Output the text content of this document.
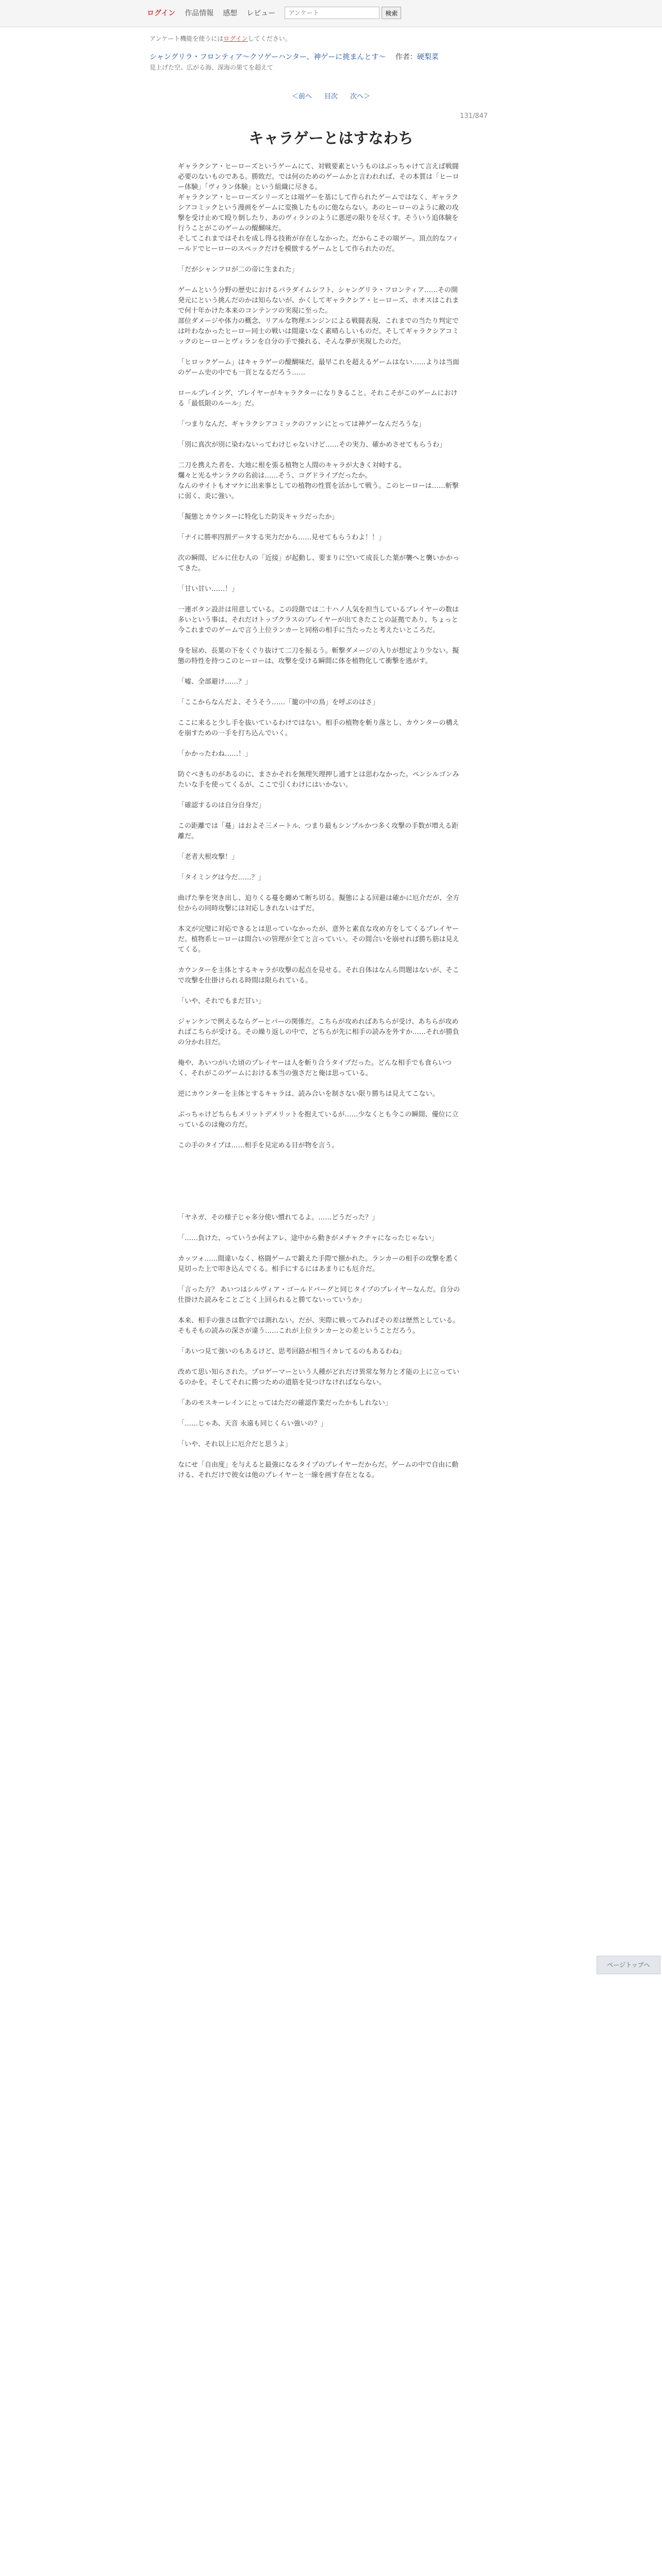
ログイン 作品情報 感想 レビュー
アンケート	検索
アンケート機能を使うにはログインしてください。
シャングリラ・フロンティア〜クソゲーハンター、神ゲーに挑まんとす〜 　 作者：硬梨菜
見上げた空、広がる海、深海の果てを超えて
＜前へ 目次 次へ＞
131/847
キャラゲーとはすなわち

ギャラクシア・ヒーローズというゲームにて、対戦要素というものはぶっちゃけて言えば戦闘必要のないものである。勝敗だ。では何のためのゲームかと言われれば、その本質は「ヒーロー体験」「ヴィラン体験」という組織に尽きる。

ギャラクシア・ヒーローズシリーズとは端ゲーを基にして作られたゲームではなく、ギャラクシアコミックという漫画をゲームに変換したものに他ならない。あのヒーローのように敵の攻撃を受け止めて殴り倒したり、あのヴィランのように悪逆の限りを尽くす。そういう追体験を行うことがこのゲームの醍醐味だ。

そしてこれまではそれを成し得る技術が存在しなかった。だからこその端ゲー。頂点的なフィールドでヒーローのスペックだけを模倣するゲームとして作られたのだ。

「だがシャンフロが二の帝に生まれた」

ゲームという分野の歴史におけるパラダイムシフト、シャングリラ・フロンティア……その開発元にという挑んだのかは知らないが、かくしてギャラクシア・ヒーローズ、ホオスはこれまで何十年かけた本来のコンテンツの実現に至った。

部位ダメージや体力の概念、リアルな物理エンジンによる戦闘表現、これまでの当たり判定では叶わなかったヒーロー同士の戦いは間違いなく素晴らしいものだ。そしてギャラクシアコミックのヒーローとヴィランを自分の手で操れる、そんな夢が実現したのだ。

「ヒロックゲーム」はキャラゲーの醍醐味だ。最早これを超えるゲームはない……よりは当面のゲーム史の中でも一頁となるだろう……

ロールプレイング、プレイヤーがキャラクターになりきること。それこそがこのゲームにおける「最低限のルール」だ。

「つまりなんだ、ギャラクシアコミックのファンにとっては神ゲーなんだろうな」

「別に真次が別に染わないってわけじゃないけど……その実力、確かめさせてもらうわ」

二刀を携えた者を、大地に根を張る植物と人間のキャラが大きく対峙する。

爛々と光るサンラクの名前は……そう、コグドライブだったか。

なんのサイトもオマケに出来事としての植物の性質を活かして戦う。このヒーローは……斬撃に弱く、炎に強い。

「擬態とカウンターに特化した防災キャラだったか」

「ナイに勝率四割データする実力だから……見せてもらうわよ！！」

次の瞬間、ビルに住む人の「近接」が起動し、要まりに空いて成長した葉が襲へと襲いかかってきた。

「甘い甘い……！」

一連ボタン設計は用意している。この段階では二十ハノ人気を担当しているプレイヤーの数は多いという事は、それだけトップクラスのプレイヤーが出てきたことの証拠であり、ちょっと今これまでのゲームで言う上位ランカーと同格の相手に当たったと考えたいところだ。

身を屈め、長葉の下をくぐり抜けて二刀を振るう。斬撃ダメージの入りが想定より少ない。擬態の特性を持つこのヒーローは、攻撃を受ける瞬間に体を植物化して衝撃を逃がす。

「嘘、全部避け……？」

「ここからなんだよ、そうそう……「籠の中の鳥」を呼ぶのはさ」

ここに来ると少し手を抜いているわけではない。相手の植物を斬り落とし、カウンターの構えを崩すための一手を打ち込んでいく。

「かかったわね……！」

防ぐべきものがあるのに、まさかそれを無理矢理押し通すとは思わなかった。ペンシルゴンみたいな手を使ってくるが、ここで引くわけにはいかない。

「確認するのは自分自身だ」

この距離では「蔓」はおよそ三メートル、つまり最もシンプルかつ多く攻撃の手数が増える距離だ。

「老者大根攻撃！」

「タイミングは今だ……？」

曲げた拳を突き出し、迫りくる蔓を纏めて断ち切る。擬態による回避は確かに厄介だが、全方位からの同時攻撃には対応しきれないはずだ。

本文が完璧に対応できるとは思っていなかったが、意外と素直な攻め方をしてくるプレイヤーだ。植物系ヒーローは間合いの管理が全てと言っていい。その間合いを崩せれば勝ち筋は見えてくる。

カウンターを主体とするキャラが攻撃の起点を見せる。それ自体はなんら問題はないが、そこで攻撃を仕掛けられる時間は限られている。

「いや、それでもまだ甘い」

ジャンケンで例えるならグーとパーの関係だ。こちらが攻めればあちらが受け、あちらが攻めればこちらが受ける。その繰り返しの中で、どちらが先に相手の読みを外すか……それが勝負の分かれ目だ。

俺や、あいつがいた頃のプレイヤーは人を斬り合うタイプだった。どんな相手でも食らいつく、それがこのゲームにおける本当の強さだと俺は思っている。

逆にカウンターを主体とするキャラは、読み合いを制さない限り勝ちは見えてこない。

ぶっちゃけどちらもメリットデメリットを抱えているが……少なくとも今この瞬間、優位に立っているのは俺の方だ。

この手のタイプは……相手を見定める目が物を言う。

「ヤネガ、その様子じゃ多分使い慣れてるよ。……どうだった？」

「……負けた、っていうか何よアレ、途中から動きがメチャクチャになったじゃない」

カッツォ……間違いなく、格闘ゲームで鍛えた手際で捌かれた。ランカーの相手の攻撃を悉く見切った上で叩き込んでくる。相手にするにはあまりにも厄介だ。

「言った方？ あいつはシルヴィア・ゴールドバーグと同じタイプのプレイヤーなんだ。自分の仕掛けた読みをことごとく上回られると勝てないっていうか」

本来、相手の強さは数字では測れない。だが、実際に戦ってみればその差は歴然としている。そもそもの読みの深さが違う……これが上位ランカーとの差ということだろう。

「あいつ見て強いのもあるけど、思考回路が相当イカレてるのもあるわね」

改めて思い知らされた。プロゲーマーという人種がどれだけ異常な努力と才能の上に立っているのかを。そしてそれに勝つための道筋を見つけなければならない。

「あのモスキーレインにとってはただの確認作業だったかもしれない」

「……じゃあ、天音 永遠も同じくらい強いの？」

「いや、それ以上に厄介だと思うよ」

なにせ「自由度」を与えると最強になるタイプのプレイヤーだからだ。ゲームの中で自由に動ける、それだけで彼女は他のプレイヤーと一線を画す存在となる。

ページトップへ
